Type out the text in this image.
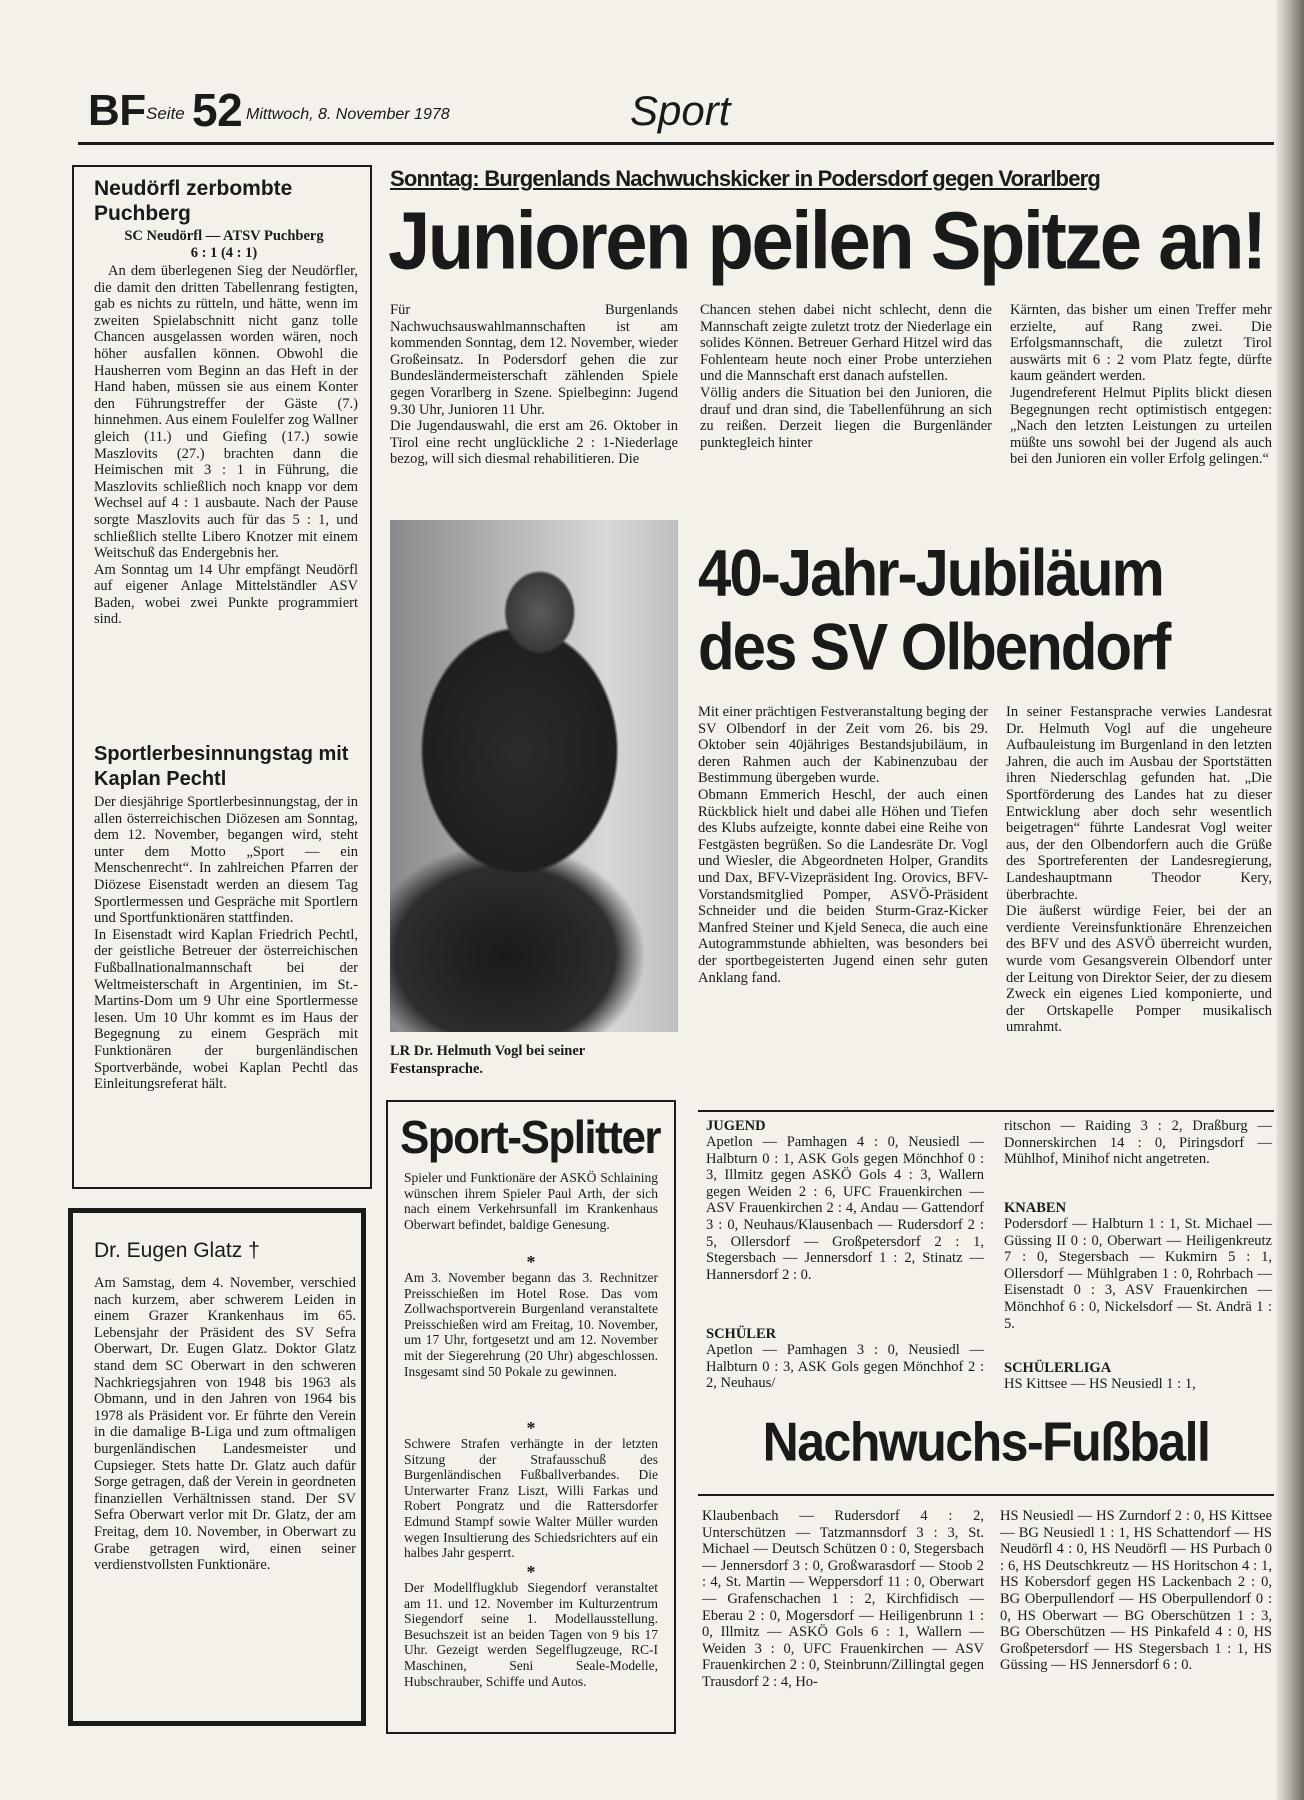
BF Seite 52 Mittwoch, 8. November 1978	Sport
Neudörfl zerbombte Puchberg
SC Neudörfl — ATSV Puchberg
6 : 1 (4 : 1)
An dem überlegenen Sieg der Neudörfler, die damit den dritten Tabellenrang festigten, gab es nichts zu rütteln, und hätte, wenn im zweiten Spielabschnitt nicht ganz tolle Chancen ausgelassen worden wären, noch höher ausfallen können. Obwohl die Hausherren vom Beginn an das Heft in der Hand haben, müssen sie aus einem Konter den Führungstreffer der Gäste (7.) hinnehmen. Aus einem Foulelfer zog Wallner gleich (11.) und Giefing (17.) sowie Maszlovits (27.) brachten dann die Heimischen mit 3 : 1 in Führung, die Maszlovits schließlich noch knapp vor dem Wechsel auf 4 : 1 ausbaute. Nach der Pause sorgte Maszlovits auch für das 5 : 1, und schließlich stellte Libero Knotzer mit einem Weitschuß das Endergebnis her.
Am Sonntag um 14 Uhr empfängt Neudörfl auf eigener Anlage Mittelständler ASV Baden, wobei zwei Punkte programmiert sind.
Sportlerbesinnungstag mit Kaplan Pechtl
Der diesjährige Sportlerbesinnungstag, der in allen österreichischen Diözesen am Sonntag, dem 12. November, begangen wird, steht unter dem Motto „Sport — ein Menschenrecht“. In zahlreichen Pfarren der Diözese Eisenstadt werden an diesem Tag Sportlermessen und Gespräche mit Sportlern und Sportfunktionären stattfinden.
In Eisenstadt wird Kaplan Friedrich Pechtl, der geistliche Betreuer der österreichischen Fußballnationalmannschaft bei der Weltmeisterschaft in Argentinien, im St.-Martins-Dom um 9 Uhr eine Sportlermesse lesen. Um 10 Uhr kommt es im Haus der Begegnung zu einem Gespräch mit Funktionären der burgenländischen Sportverbände, wobei Kaplan Pechtl das Einleitungsreferat hält.
Dr. Eugen Glatz †
Am Samstag, dem 4. November, verschied nach kurzem, aber schwerem Leiden in einem Grazer Krankenhaus im 65. Lebensjahr der Präsident des SV Sefra Oberwart, Dr. Eugen Glatz. Doktor Glatz stand dem SC Oberwart in den schweren Nachkriegsjahren von 1948 bis 1963 als Obmann, und in den Jahren von 1964 bis 1978 als Präsident vor. Er führte den Verein in die damalige B-Liga und zum oftmaligen burgenländischen Landesmeister und Cupsieger. Stets hatte Dr. Glatz auch dafür Sorge getragen, daß der Verein in geordneten finanziellen Verhältnissen stand. Der SV Sefra Oberwart verlor mit Dr. Glatz, der am Freitag, dem 10. November, in Oberwart zu Grabe getragen wird, einen seiner verdienstvollsten Funktionäre.
Sonntag: Burgenlands Nachwuchskicker in Podersdorf gegen Vorarlberg
Junioren peilen Spitze an!
Für Burgenlands Nachwuchsauswahlmannschaften ist am kommenden Sonntag, dem 12. November, wieder Großeinsatz. In Podersdorf gehen die zur Bundesländermeisterschaft zählenden Spiele gegen Vorarlberg in Szene. Spielbeginn: Jugend 9.30 Uhr, Junioren 11 Uhr.
Die Jugendauswahl, die erst am 26. Oktober in Tirol eine recht unglückliche 2 : 1-Niederlage bezog, will sich diesmal rehabilitieren. Die
Chancen stehen dabei nicht schlecht, denn die Mannschaft zeigte zuletzt trotz der Niederlage ein solides Können. Betreuer Gerhard Hitzel wird das Fohlenteam heute noch einer Probe unterziehen und die Mannschaft erst danach aufstellen.
Völlig anders die Situation bei den Junioren, die drauf und dran sind, die Tabellenführung an sich zu reißen. Derzeit liegen die Burgenländer punktegleich hinter
Kärnten, das bisher um einen Treffer mehr erzielte, auf Rang zwei. Die Erfolgsmannschaft, die zuletzt Tirol auswärts mit 6 : 2 vom Platz fegte, dürfte kaum geändert werden.
Jugendreferent Helmut Piplits blickt diesen Begegnungen recht optimistisch entgegen: „Nach den letzten Leistungen zu urteilen müßte uns sowohl bei der Jugend als auch bei den Junioren ein voller Erfolg gelingen.“
LR Dr. Helmuth Vogl bei seiner Festansprache.
40-Jahr-Jubiläum
des SV Olbendorf
Mit einer prächtigen Festveranstaltung beging der SV Olbendorf in der Zeit vom 26. bis 29. Oktober sein 40jähriges Bestandsjubiläum, in deren Rahmen auch der Kabinenzubau der Bestimmung übergeben wurde.
Obmann Emmerich Heschl, der auch einen Rückblick hielt und dabei alle Höhen und Tiefen des Klubs aufzeigte, konnte dabei eine Reihe von Festgästen begrüßen. So die Landesräte Dr. Vogl und Wiesler, die Abgeordneten Holper, Grandits und Dax, BFV-Vizepräsident Ing. Orovics, BFV-Vorstandsmitglied Pomper, ASVÖ-Präsident Schneider und die beiden Sturm-Graz-Kicker Manfred Steiner und Kjeld Seneca, die auch eine Autogrammstunde abhielten, was besonders bei der sportbegeisterten Jugend einen sehr guten Anklang fand.
In seiner Festansprache verwies Landesrat Dr. Helmuth Vogl auf die ungeheure Aufbauleistung im Burgenland in den letzten Jahren, die auch im Ausbau der Sportstätten ihren Niederschlag gefunden hat. „Die Sportförderung des Landes hat zu dieser Entwicklung aber doch sehr wesentlich beigetragen“ führte Landesrat Vogl weiter aus, der den Olbendorfern auch die Grüße des Sportreferenten der Landesregierung, Landeshauptmann Theodor Kery, überbrachte.
Die äußerst würdige Feier, bei der an verdiente Vereinsfunktionäre Ehrenzeichen des BFV und des ASVÖ überreicht wurden, wurde vom Gesangsverein Olbendorf unter der Leitung von Direktor Seier, der zu diesem Zweck ein eigenes Lied komponierte, und der Ortskapelle Pomper musikalisch umrahmt.
Sport-Splitter
Spieler und Funktionäre der ASKÖ Schlaining wünschen ihrem Spieler Paul Arth, der sich nach einem Verkehrsunfall im Krankenhaus Oberwart befindet, baldige Genesung.
*
Am 3. November begann das 3. Rechnitzer Preisschießen im Hotel Rose. Das vom Zollwachsportverein Burgenland veranstaltete Preisschießen wird am Freitag, 10. November, um 17 Uhr, fortgesetzt und am 12. November mit der Siegerehrung (20 Uhr) abgeschlossen. Insgesamt sind 50 Pokale zu gewinnen.
*
Schwere Strafen verhängte in der letzten Sitzung der Strafausschuß des Burgenländischen Fußballverbandes. Die Unterwarter Franz Liszt, Willi Farkas und Robert Pongratz und die Rattersdorfer Edmund Stampf sowie Walter Müller wurden wegen Insultierung des Schiedsrichters auf ein halbes Jahr gesperrt.
*
Der Modellflugklub Siegendorf veranstaltet am 11. und 12. November im Kulturzentrum Siegendorf seine 1. Modellausstellung. Besuchszeit ist an beiden Tagen von 9 bis 17 Uhr. Gezeigt werden Segelflugzeuge, RC-I Maschinen, Seni Seale-Modelle, Hubschrauber, Schiffe und Autos.
JUGEND
Apetlon — Pamhagen 4 : 0, Neusiedl — Halbturn 0 : 1, ASK Gols gegen Mönchhof 0 : 3, Illmitz gegen ASKÖ Gols 4 : 3, Wallern gegen Weiden 2 : 6, UFC Frauenkirchen — ASV Frauenkirchen 2 : 4, Andau — Gattendorf 3 : 0, Neuhaus/Klausenbach — Rudersdorf 2 : 5, Ollersdorf — Großpetersdorf 2 : 1, Stegersbach — Jennersdorf 1 : 2, Stinatz — Hannersdorf 2 : 0.
SCHÜLER
Apetlon — Pamhagen 3 : 0, Neusiedl — Halbturn 0 : 3, ASK Gols gegen Mönchhof 2 : 2, Neuhaus/
ritschon — Raiding 3 : 2, Draßburg — Donnerskirchen 14 : 0, Piringsdorf — Mühlhof, Minihof nicht angetreten.
KNABEN
Podersdorf — Halbturn 1 : 1, St. Michael — Güssing II 0 : 0, Oberwart — Heiligenkreutz 7 : 0, Stegersbach — Kukmirn 5 : 1, Ollersdorf — Mühlgraben 1 : 0, Rohrbach — Eisenstadt 0 : 3, ASV Frauenkirchen — Mönchhof 6 : 0, Nickelsdorf — St. Andrä 1 : 5.
SCHÜLERLIGA
HS Kittsee — HS Neusiedl 1 : 1,
Nachwuchs-Fußball
Klaubenbach — Rudersdorf 4 : 2, Unterschützen — Tatzmannsdorf 3 : 3, St. Michael — Deutsch Schützen 0 : 0, Stegersbach — Jennersdorf 3 : 0, Großwarasdorf — Stoob 2 : 4, St. Martin — Weppersdorf 11 : 0, Oberwart — Grafenschachen 1 : 2, Kirchfidisch — Eberau 2 : 0, Mogersdorf — Heiligenbrunn 1 : 0, Illmitz — ASKÖ Gols 6 : 1, Wallern — Weiden 3 : 0, UFC Frauenkirchen — ASV Frauenkirchen 2 : 0, Steinbrunn/Zillingtal gegen Trausdorf 2 : 4, Ho-
HS Neusiedl — HS Zurndorf 2 : 0, HS Kittsee — BG Neusiedl 1 : 1, HS Schattendorf — HS Neudörfl 4 : 0, HS Neudörfl — HS Purbach 0 : 6, HS Deutschkreutz — HS Horitschon 4 : 1, HS Kobersdorf gegen HS Lackenbach 2 : 0, BG Oberpullendorf — HS Oberpullendorf 0 : 0, HS Oberwart — BG Oberschützen 1 : 3, BG Oberschützen — HS Pinkafeld 4 : 0, HS Großpetersdorf — HS Stegersbach 1 : 1, HS Güssing — HS Jennersdorf 6 : 0.
